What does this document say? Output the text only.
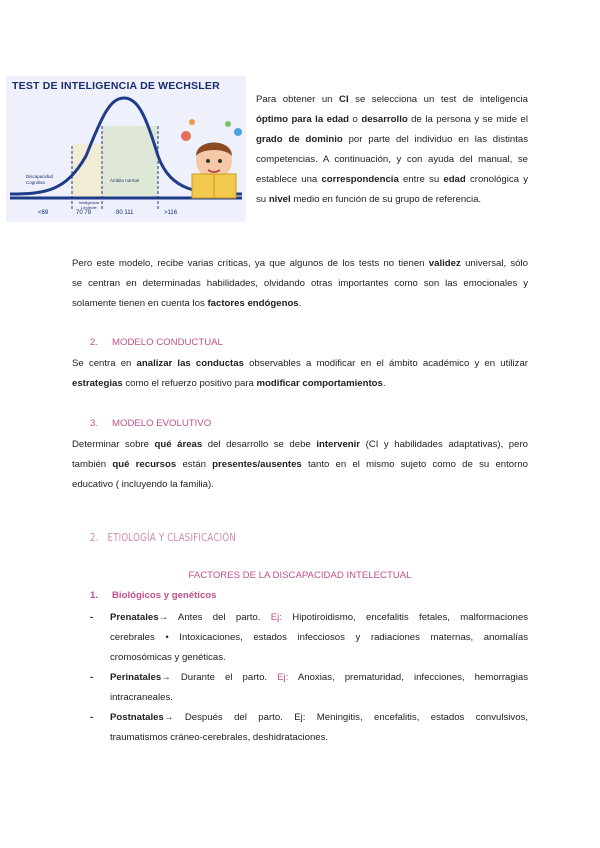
TEST DE INTELIGENCIA DE WECHSLER
Discapacidad Cognitiva
Inteligencia Limítrofe
Ámbito normal
<69	70 79	80 111	>116
Para obtener un CI se selecciona un test de inteligencia
óptimo para la edad o desarrollo de la persona y se mide el
grado de dominio por parte del individuo en las distintas
competencias. A continuación, y con ayuda del manual, se
establece una correspondencia entre su edad cronológica y
su nivel medio en función de su grupo de referencia.
Pero este modelo, recibe varias críticas, ya que algunos de los tests no tienen validez universal, sólo
se centran en determinadas habilidades, olvidando otras importantes como son las emocionales y
solamente tienen en cuenta los factores endógenos.
2. MODELO CONDUCTUAL
Se centra en analizar las conductas observables a modificar en el ámbito académico y en utilizar
estrategias como el refuerzo positivo para modificar comportamientos.
3. MODELO EVOLUTIVO
Determinar sobre qué áreas del desarrollo se debe intervenir (CI y habilidades adaptativas), pero
también qué recursos están presentes/ausentes tanto en el mismo sujeto como de su entorno
educativo ( incluyendo la familia).
2.   ETIOLOGÍA Y CLASIFICACIÓN
FACTORES DE LA DISCAPACIDAD INTELECTUAL
1. Biológicos y genéticos
- Prenatales→ Antes del parto. Ej: Hipotiroidismo, encefalitis fetales, malformaciones
cerebrales • Intoxicaciones, estados infecciosos y radiaciones maternas, anomalías
cromosómicas y genéticas.
- Perinatales→ Durante el parto. Ej: Anoxias, prematuridad, infecciones, hemorragias
intracraneales.
- Postnatales→ Después del parto. Ej: Meningitis, encefalitis, estados convulsivos,
traumatismos cráneo-cerebrales, deshidrataciones.
